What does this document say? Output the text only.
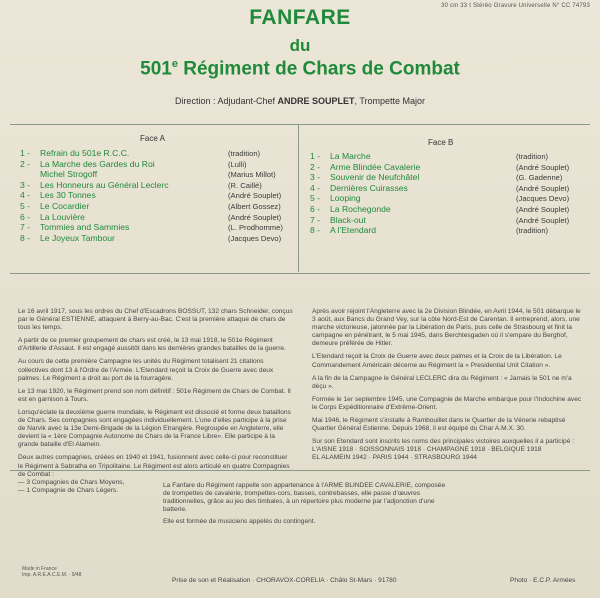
30 cm 33 t Stéréo Gravure Universelle N° CC 74793
FANFARE
du
501e Régiment de Chars de Combat
Direction : Adjudant-Chef ANDRE SOUPLET, Trompette Major
Face A	Face B
1 - Refrain du 501e R.C.C.	(tradition)
2 - La Marche des Gardes du Roi	(Lulli)
Michel Strogoff	(Marius Millot)
3 - Les Honneurs au Général Leclerc	(R. Caillé)
4 - Les 30 Tonnes	(André Souplet)
5 - Le Cocardier	(Albert Gossez)
6 - La Louvière	(André Souplet)
7 - Tommies and Sammies	(L. Prodhomme)
8 - Le Joyeux Tambour	(Jacques Devo)
1 - La Marche	(tradition)
2 - Arme Blindée Cavalerie	(André Souplet)
3 - Souvenir de Neufchâtel	(G. Gadenne)
4 - Dernières Cuirasses	(André Souplet)
5 - Looping	(Jacques Devo)
6 - La Rochegonde	(André Souplet)
7 - Black-out	(André Souplet)
8 - A l'Etendard	(tradition)

Le 16 avril 1917, sous les ordres du Chef d'Escadrons BOSSUT, 132 chars Schneider, conçus par le Général ESTIENNE, attaquent à Berry-au-Bac. C'est la première attaque de chars de tous les temps.

A partir de ce premier groupement de chars est créé, le 13 mai 1918, le 501e Régiment d'Artillerie d'Assaut. Il est engagé aussitôt dans les dernières grandes batailles de la guerre.

Au cours de cette première Campagne les unités du Régiment totalisent 21 citations collectives dont 13 à l'Ordre de l'Armée. L'Etendard reçoit la Croix de Guerre avec deux palmes. Le Régiment a droit au port de la fourragère.

Le 13 mai 1920, le Régiment prend son nom définitif : 501e Régiment de Chars de Combat. Il est en garnison à Tours.

Lorsqu'éclate la deuxième guerre mondiale, le Régiment est dissocié et forme deux bataillons de Chars. Ses compagnies sont engagées individuellement. L'une d'elles participe à la prise de Narvik avec la 13e Demi-Brigade de la Légion Etrangère. Regroupée en Angleterre, elle devient la « 1ère Compagnie Autonome de Chars de la France Libre». Elle participe à la grande bataille d'El Alamein.

Deux autres compagnies, créées en 1940 et 1941, fusionnent avec celle-ci pour reconstituer le Régiment à Sabratha en Tripolitaine. Le Régiment est alors articulé en quatre Compagnies de Combat :

— 3 Compagnies de Chars Moyens,
— 1 Compagnie de Chars Légers.

Après avoir rejoint l'Angleterre avec la 2e Division Blindée, en Avril 1944, le 501 débarque le 3 août, aux Bancs du Grand Vey, sur la côte Nord-Est de Carentan. Il entreprend, alors, une marche victorieuse, jalonnée par la Libération de Paris, puis celle de Strasbourg et finit la campagne en pénétrant, le 5 mai 1945, dans Berchtesgaden où il s'empare du Berghof, demeure préférée de Hitler.

L'Etendard reçoit la Croix de Guerre avec deux palmes et la Croix de la Libération. Le Commandement Américain décerne au Régiment la « Presidential Unit Citation ».

A la fin de la Campagne le Général LECLERC dira du Régiment : « Jamais le 501 ne m'a déçu ».

Formée le 1er septembre 1945, une Compagnie de Marche embarque pour l'Indochine avec le Corps Expéditionnaire d'Extrême-Orient.

Mai 1946, le Régiment s'installe à Rambouillet dans le Quartier de la Vénerie rebaptisé Quartier Général Estienne. Depuis 1968, il est équipé du Char A.M.X. 30.

Sur son Etendard sont inscrits les noms des principales victoires auxquelles il a participé :

L'AISNE 1918 · SOISSONNAIS 1918 · CHAMPAGNE 1918 · BELGIQUE 1918
EL ALAMEIN 1942 · PARIS 1944 · STRASBOURG 1944

La Fanfare du Régiment rappelle son appartenance à l'ARME BLINDEE CAVALERIE, composée de trompettes de cavalerie, trompettes-cors, basses, contrebasses, elle passe d'œuvres traditionnelles, grâce au jeu des timbales, à un répertoire plus moderne par l'adjonction d'une batterie.

Elle est formée de musiciens appelés du contingent.
Made in France
Imp. A.R.E.A.C.E.M. · 9/48
Prise de son et Réalisation · CHORAVOX-CORELIA · Châlo St-Mars · 91780	Photo · E.C.P. Armées
